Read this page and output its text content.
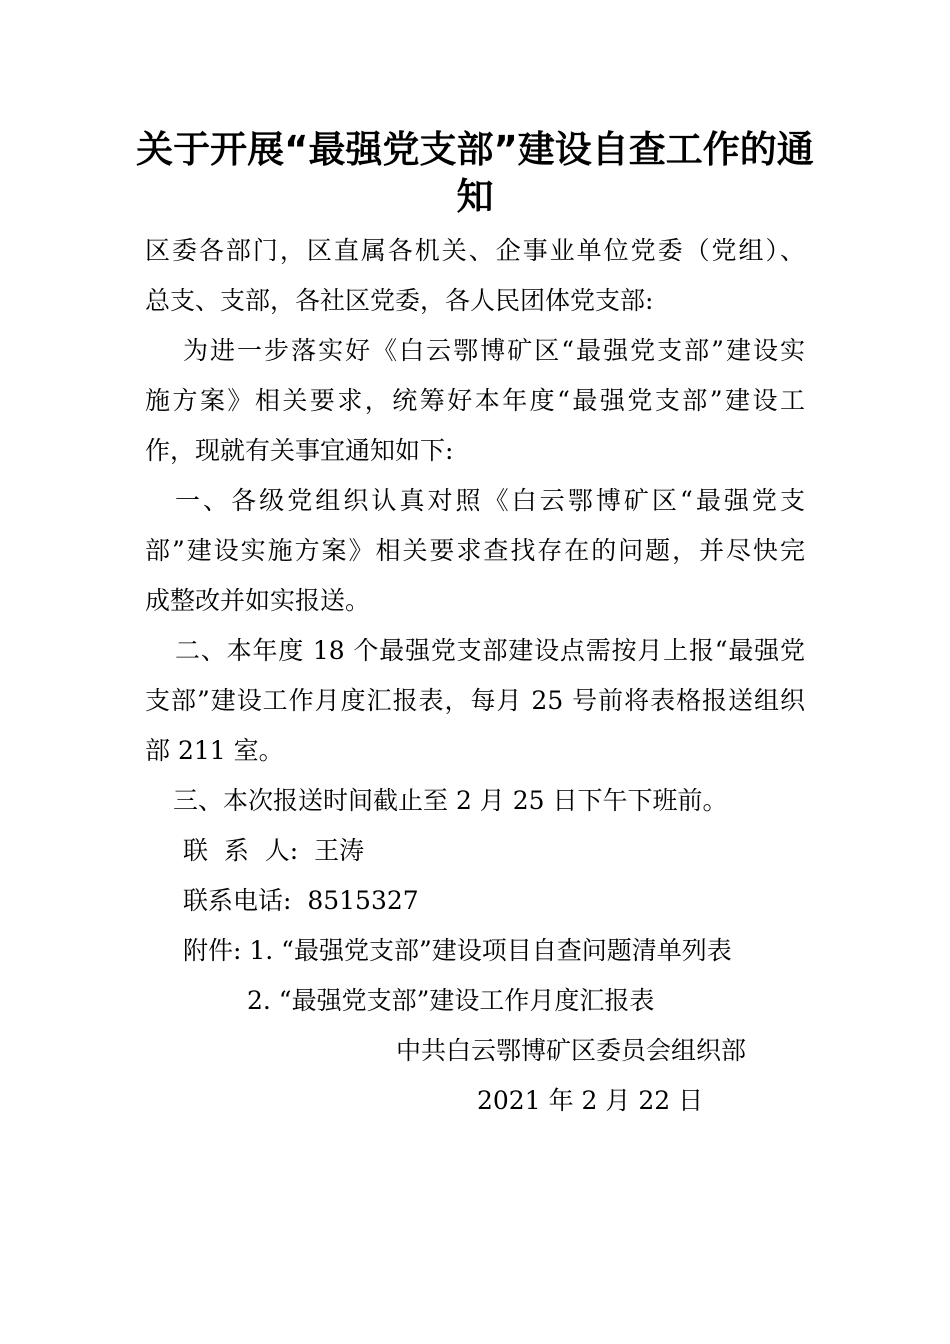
关于开展“最强党支部”建设自查工作的通
知

区委各部门，区直属各机关、企事业单位党委（党组）、

总支、支部，各社区党委，各人民团体党支部:

为进一步落实好《白云鄂博矿区“最强党支部”建设实

施方案》相关要求，统筹好本年度“最强党支部”建设工

作，现就有关事宜通知如下:

一、各级党组织认真对照《白云鄂博矿区“最强党支

部”建设实施方案》相关要求查找存在的问题，并尽快完

成整改并如实报送。

二、本年度 18 个最强党支部建设点需按月上报“最强党

支部”建设工作月度汇报表，每月 25 号前将表格报送组织

部 211 室。

三、本次报送时间截止至 2 月 25 日下午下班前。

联  系  人:  王涛

联系电话:  8515327

附件: 1. “最强党支部”建设项目自查问题清单列表

2. “最强党支部”建设工作月度汇报表

中共白云鄂博矿区委员会组织部

2021 年 2 月 22 日
